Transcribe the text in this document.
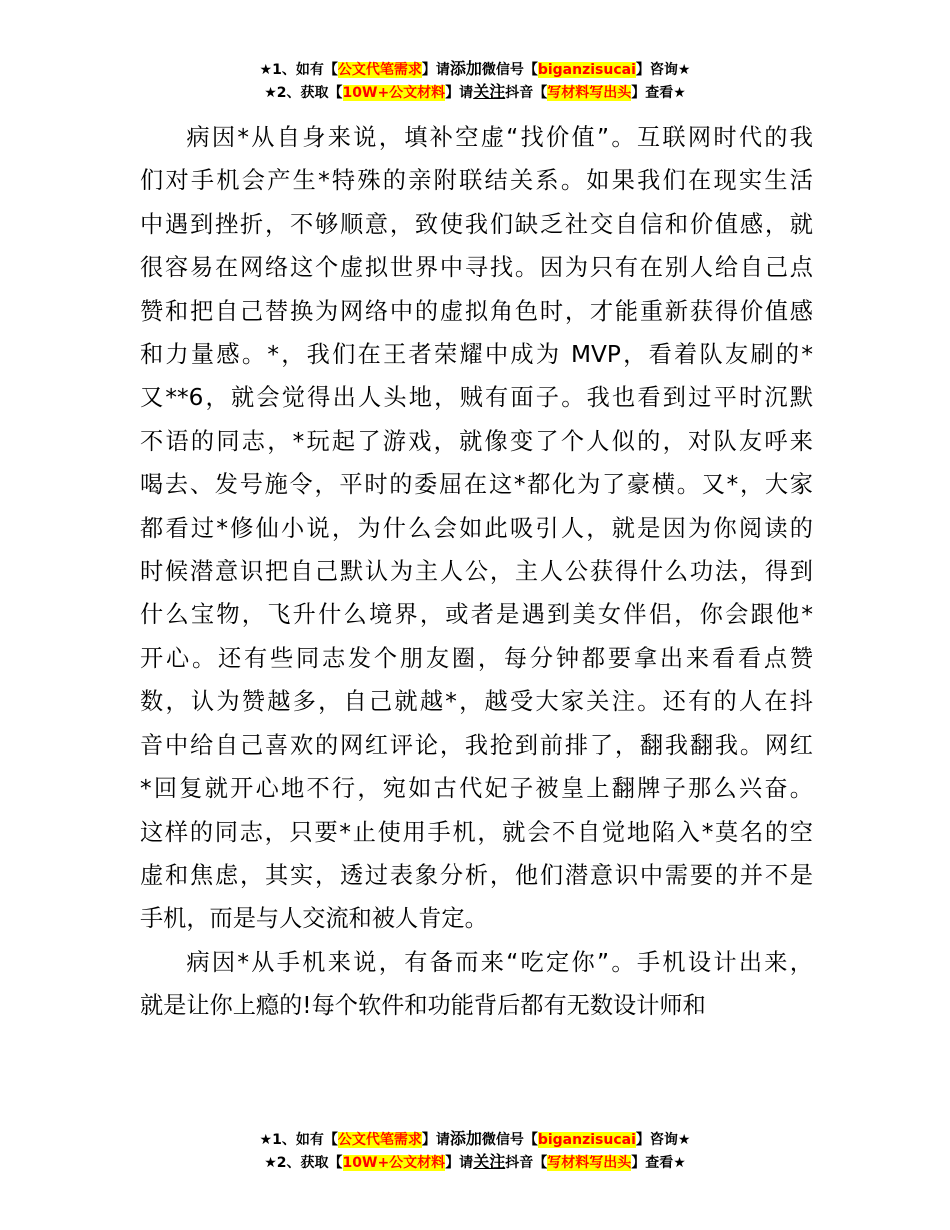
★1、如有【公文代笔需求】请添加微信号【biganzisucai】咨询★
★2、获取【10W+公文材料】请关注抖音【写材料写出头】查看★
病因*从自身来说，填补空虚“找价值”。互联网时代的我
们对手机会产生*特殊的亲附联结关系。如果我们在现实生活
中遇到挫折，不够顺意，致使我们缺乏社交自信和价值感，就
很容易在网络这个虚拟世界中寻找。因为只有在别人给自己点
赞和把自己替换为网络中的虚拟角色时，才能重新获得价值感
和力量感。*，我们在王者荣耀中成为 MVP，看着队友刷的*
又**6，就会觉得出人头地，贼有面子。我也看到过平时沉默
不语的同志，*玩起了游戏，就像变了个人似的，对队友呼来
喝去、发号施令，平时的委屈在这*都化为了豪横。又*，大家
都看过*修仙小说，为什么会如此吸引人，就是因为你阅读的
时候潜意识把自己默认为主人公，主人公获得什么功法，得到
什么宝物，飞升什么境界，或者是遇到美女伴侣，你会跟他*
开心。还有些同志发个朋友圈，每分钟都要拿出来看看点赞
数，认为赞越多，自己就越*，越受大家关注。还有的人在抖
音中给自己喜欢的网红评论，我抢到前排了，翻我翻我。网红
*回复就开心地不行，宛如古代妃子被皇上翻牌子那么兴奋。
这样的同志，只要*止使用手机，就会不自觉地陷入*莫名的空
虚和焦虑，其实，透过表象分析，他们潜意识中需要的并不是
手机，而是与人交流和被人肯定。
病因*从手机来说，有备而来“吃定你”。手机设计出来，
就是让你上瘾的!每个软件和功能背后都有无数设计师和
★1、如有【公文代笔需求】请添加微信号【biganzisucai】咨询★
★2、获取【10W+公文材料】请关注抖音【写材料写出头】查看★
